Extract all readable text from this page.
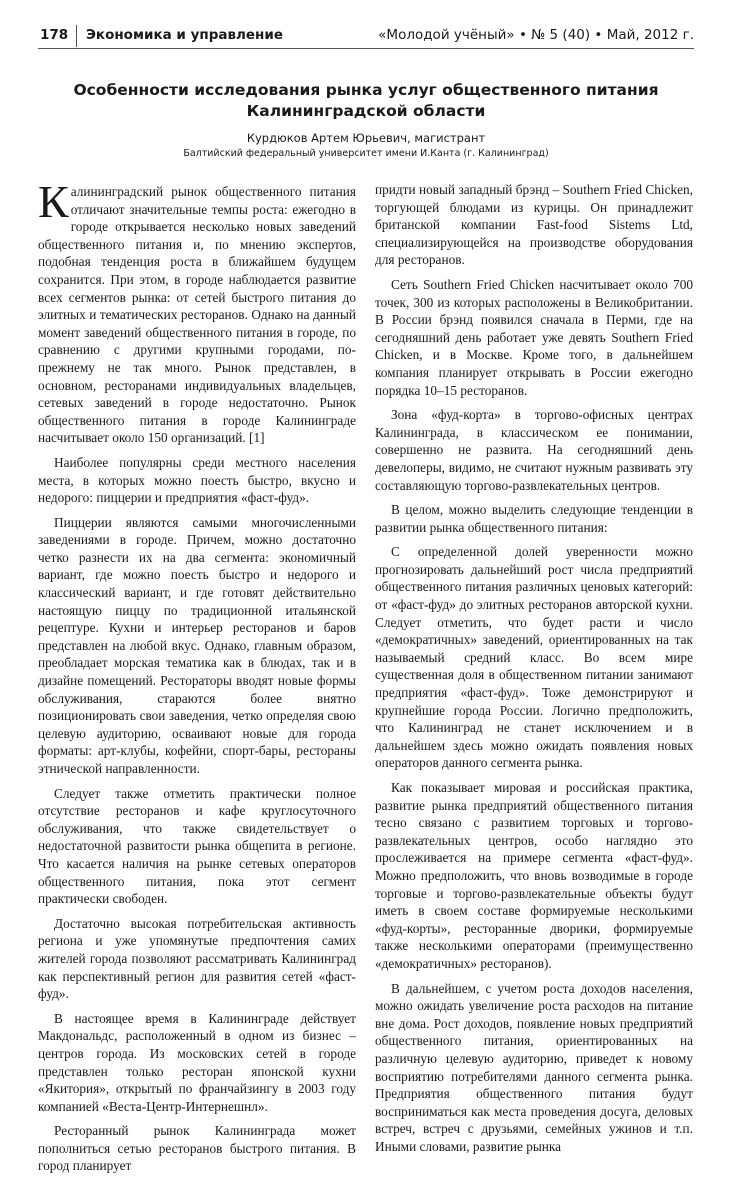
178 Экономика и управление	«Молодой учёный» • № 5 (40) • Май, 2012 г.
Особенности исследования рынка услуг общественного питания
Калининградской области
Курдюков Артем Юрьевич, магистрант
Балтийский федеральный университет имени И.Канта (г. Калининград)

Калининградский рынок общественного питания отличают значительные темпы роста: ежегодно в городе открывается несколько новых заведений общественного питания и, по мнению экспертов, подобная тенденция роста в ближайшем будущем сохранится. При этом, в городе наблюдается развитие всех сегментов рынка: от сетей быстрого питания до элитных и тематических ресторанов. Однако на данный момент заведений общественного питания в городе, по сравнению с другими крупными городами, по-прежнему не так много. Рынок представлен, в основном, ресторанами индивидуальных владельцев, сетевых заведений в городе недостаточно. Рынок общественного питания в городе Калининграде насчитывает около 150 организаций. [1]

Наиболее популярны среди местного населения места, в которых можно поесть быстро, вкусно и недорого: пиццерии и предприятия «фаст-фуд».

Пиццерии являются самыми многочисленными заведениями в городе. Причем, можно достаточно четко разнести их на два сегмента: экономичный вариант, где можно поесть быстро и недорого и классический вариант, и где готовят действительно настоящую пиццу по традиционной итальянской рецептуре. Кухни и интерьер ресторанов и баров представлен на любой вкус. Однако, главным образом, преобладает морская тематика как в блюдах, так и в дизайне помещений. Рестораторы вводят новые формы обслуживания, стараются более внятно позиционировать свои заведения, четко определяя свою целевую аудиторию, осваивают новые для города форматы: арт-клубы, кофейни, спорт-бары, рестораны этнической направленности.

Следует также отметить практически полное отсутствие ресторанов и кафе круглосуточного обслуживания, что также свидетельствует о недостаточной развитости рынка общепита в регионе. Что касается наличия на рынке сетевых операторов общественного питания, пока этот сегмент практически свободен.

Достаточно высокая потребительская активность региона и уже упомянутые предпочтения самих жителей города позволяют рассматривать Калининград как перспективный регион для развития сетей «фаст-фуд».

В настоящее время в Калининграде действует Макдональдс, расположенный в одном из бизнес – центров города. Из московских сетей в городе представлен только ресторан японской кухни «Якитория», открытый по франчайзингу в 2003 году компанией «Веста-Центр-Интернешнл».

Ресторанный рынок Калининграда может пополниться сетью ресторанов быстрого питания. В город планирует

придти новый западный брэнд – Southern Fried Chicken, торгующей блюдами из курицы. Он принадлежит британской компании Fast-food Sistems Ltd, специализирующейся на производстве оборудования для ресторанов.

Сеть Southern Fried Chicken насчитывает около 700 точек, 300 из которых расположены в Великобритании. В России брэнд появился сначала в Перми, где на сегодняшний день работает уже девять Southern Fried Chicken, и в Москве. Кроме того, в дальнейшем компания планирует открывать в России ежегодно порядка 10–15 ресторанов.

Зона «фуд-корта» в торгово-офисных центрах Калининграда, в классическом ее понимании, совершенно не развита. На сегодняшний день девелоперы, видимо, не считают нужным развивать эту составляющую торгово-развлекательных центров.

В целом, можно выделить следующие тенденции в развитии рынка общественного питания:

С определенной долей уверенности можно прогнозировать дальнейший рост числа предприятий общественного питания различных ценовых категорий: от «фаст-фуд» до элитных ресторанов авторской кухни. Следует отметить, что будет расти и число «демократичных» заведений, ориентированных на так называемый средний класс. Во всем мире существенная доля в общественном питании занимают предприятия «фаст-фуд». Тоже демонстрируют и крупнейшие города России. Логично предположить, что Калининград не станет исключением и в дальнейшем здесь можно ожидать появления новых операторов данного сегмента рынка.

Как показывает мировая и российская практика, развитие рынка предприятий общественного питания тесно связано с развитием торговых и торгово-развлекательных центров, особо наглядно это прослеживается на примере сегмента «фаст-фуд». Можно предположить, что вновь возводимые в городе торговые и торгово-развлекательные объекты будут иметь в своем составе формируемые несколькими «фуд-корты», ресторанные дворики, формируемые также несколькими операторами (преимущественно «демократичных» ресторанов).

В дальнейшем, с учетом роста доходов населения, можно ожидать увеличение роста расходов на питание вне дома. Рост доходов, появление новых предприятий общественного питания, ориентированных на различную целевую аудиторию, приведет к новому восприятию потребителями данного сегмента рынка. Предприятия общественного питания будут восприниматься как места проведения досуга, деловых встреч, встреч с друзьями, семейных ужинов и т.п. Иными словами, развитие рынка
